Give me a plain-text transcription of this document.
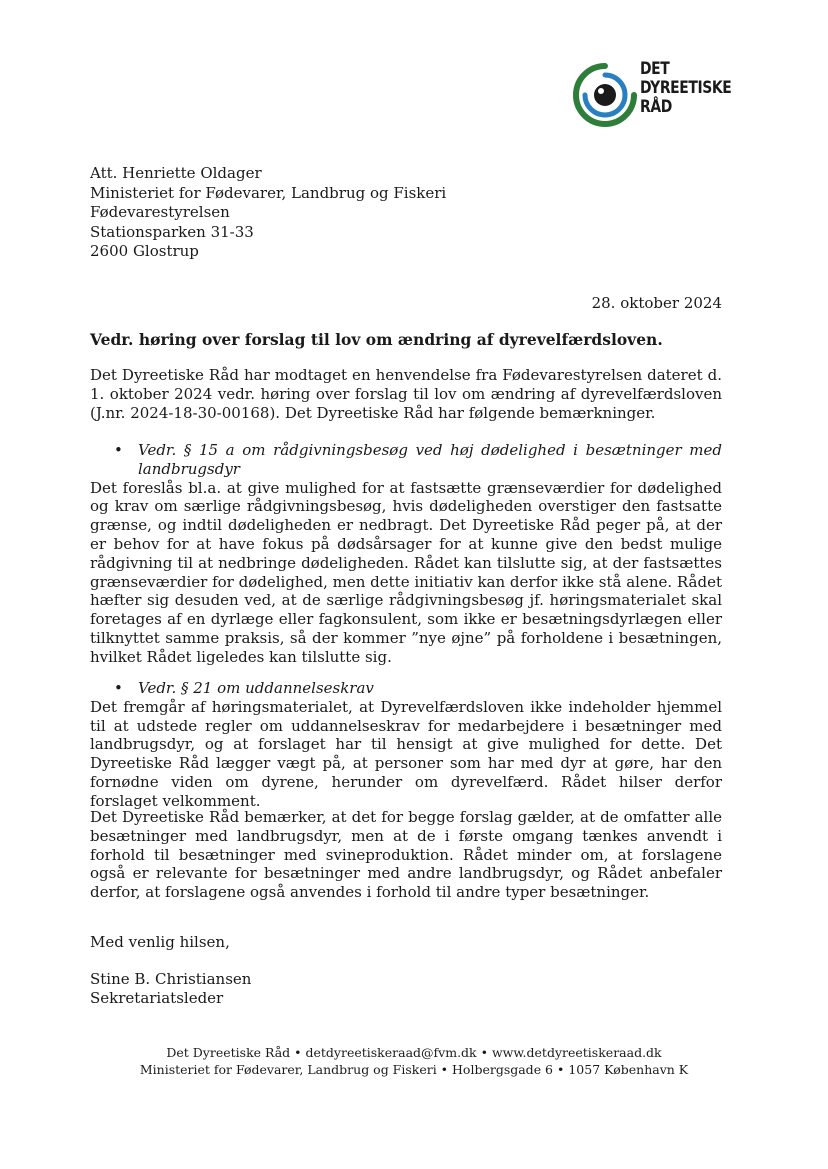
DET
DYREETISKE
RÅD
Att. Henriette Oldager
Ministeriet for Fødevarer, Landbrug og Fiskeri
Fødevarestyrelsen
Stationsparken 31-33
2600 Glostrup
28. oktober 2024
Vedr. høring over forslag til lov om ændring af dyrevelfærdsloven.
Det Dyreetiske Råd har modtaget en henvendelse fra Fødevarestyrelsen dateret d. 1. oktober 2024 vedr. høring over forslag til lov om ændring af dyrevelfærdsloven (J.nr. 2024-18-30-00168). Det Dyreetiske Råd har følgende bemærkninger.
• Vedr. § 15 a om rådgivningsbesøg ved høj dødelighed i besætninger med landbrugsdyr
Det foreslås bl.a. at give mulighed for at fastsætte grænseværdier for dødelighed og krav om særlige rådgivningsbesøg, hvis dødeligheden overstiger den fastsatte grænse, og indtil dødeligheden er nedbragt. Det Dyreetiske Råd peger på, at der er behov for at have fokus på dødsårsager for at kunne give den bedst mulige rådgivning til at nedbringe dødeligheden. Rådet kan tilslutte sig, at der fastsættes grænseværdier for dødelighed, men dette initiativ kan derfor ikke stå alene. Rådet hæfter sig desuden ved, at de særlige rådgivningsbesøg jf. høringsmaterialet skal foretages af en dyrlæge eller fagkonsulent, som ikke er besætningsdyrlægen eller tilknyttet samme praksis, så der kommer ”nye øjne” på forholdene i besætningen, hvilket Rådet ligeledes kan tilslutte sig.
• Vedr. § 21 om uddannelseskrav
Det fremgår af høringsmaterialet, at Dyrevelfærdsloven ikke indeholder hjemmel til at udstede regler om uddannelseskrav for medarbejdere i besætninger med landbrugsdyr, og at forslaget har til hensigt at give mulighed for dette. Det Dyreetiske Råd lægger vægt på, at personer som har med dyr at gøre, har den fornødne viden om dyrene, herunder om dyrevelfærd. Rådet hilser derfor forslaget velkomment.
Det Dyreetiske Råd bemærker, at det for begge forslag gælder, at de omfatter alle besætninger med landbrugsdyr, men at de i første omgang tænkes anvendt i forhold til besætninger med svineproduktion. Rådet minder om, at forslagene også er relevante for besætninger med andre landbrugsdyr, og Rådet anbefaler derfor, at forslagene også anvendes i forhold til andre typer besætninger.
Med venlig hilsen,
Stine B. Christiansen
Sekretariatsleder
Det Dyreetiske Råd • detdyreetiskeraad@fvm.dk • www.detdyreetiskeraad.dk
Ministeriet for Fødevarer, Landbrug og Fiskeri • Holbergsgade 6 • 1057 København K
